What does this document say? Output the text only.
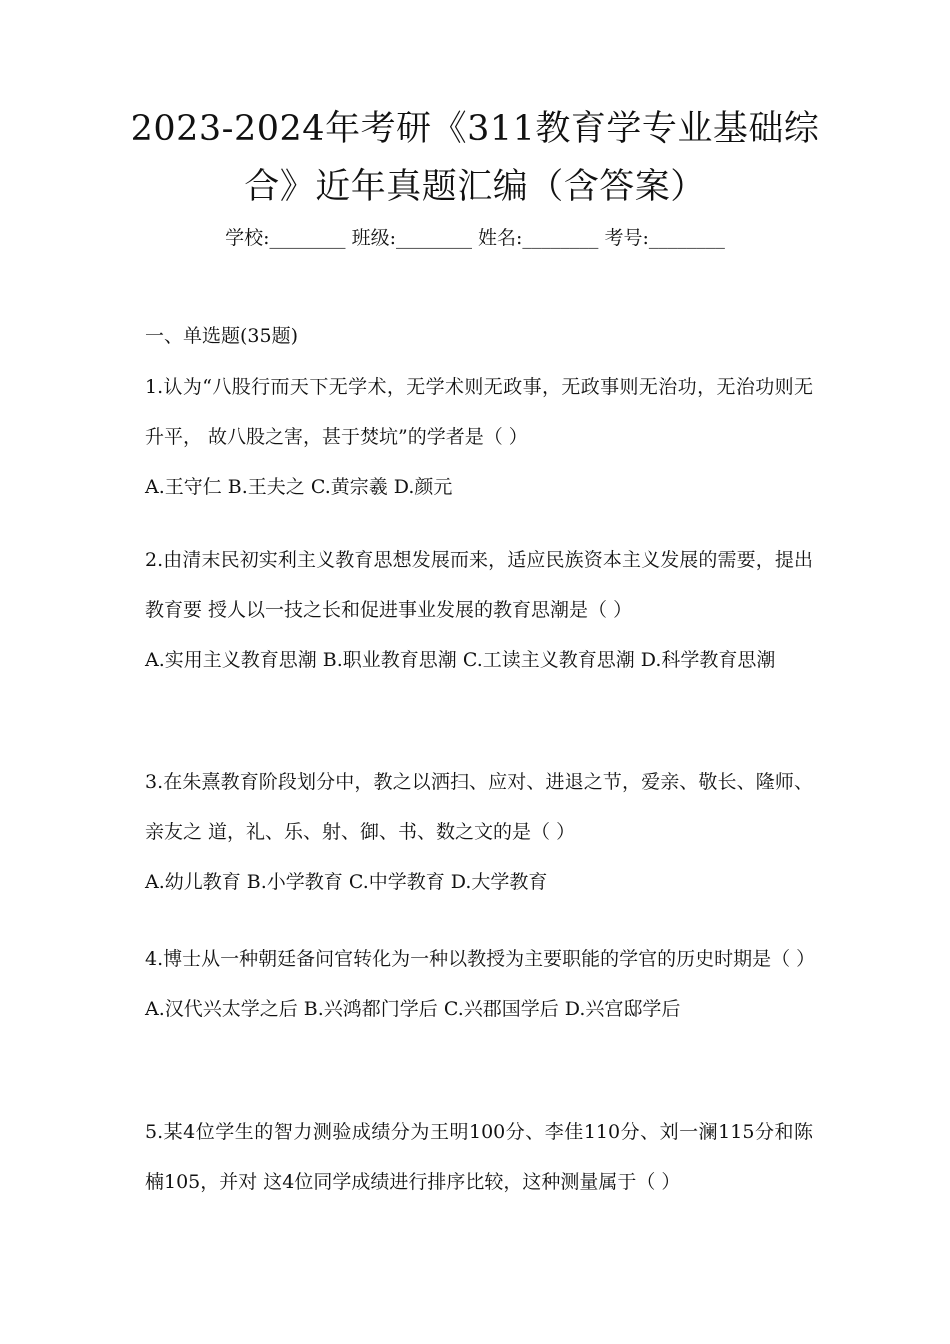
2023-2024年考研《311教育学专业基础综合》近年真题汇编（含答案）
学校:________ 班级:________ 姓名:________ 考号:________
一、单选题(35题)

1.认为“八股行而天下无学术，无学术则无政事，无政事则无治功，无治功则无升平， 故八股之害，甚于焚坑”的学者是（ ）

A.王守仁 B.王夫之 C.黄宗羲 D.颜元

2.由清末民初实利主义教育思想发展而来，适应民族资本主义发展的需要，提出教育要 授人以一技之长和促进事业发展的教育思潮是（ ）

A.实用主义教育思潮 B.职业教育思潮 C.工读主义教育思潮 D.科学教育思潮

3.在朱熹教育阶段划分中，教之以洒扫、应对、进退之节，爱亲、敬长、隆师、亲友之 道，礼、乐、射、御、书、数之文的是（ ）

A.幼儿教育 B.小学教育 C.中学教育 D.大学教育

4.博士从一种朝廷备问官转化为一种以教授为主要职能的学官的历史时期是（ ）

A.汉代兴太学之后 B.兴鸿都门学后 C.兴郡国学后 D.兴宫邸学后

5.某4位学生的智力测验成绩分为王明100分、李佳110分、刘一澜115分和陈楠105，并对 这4位同学成绩进行排序比较，这种测量属于（ ）
